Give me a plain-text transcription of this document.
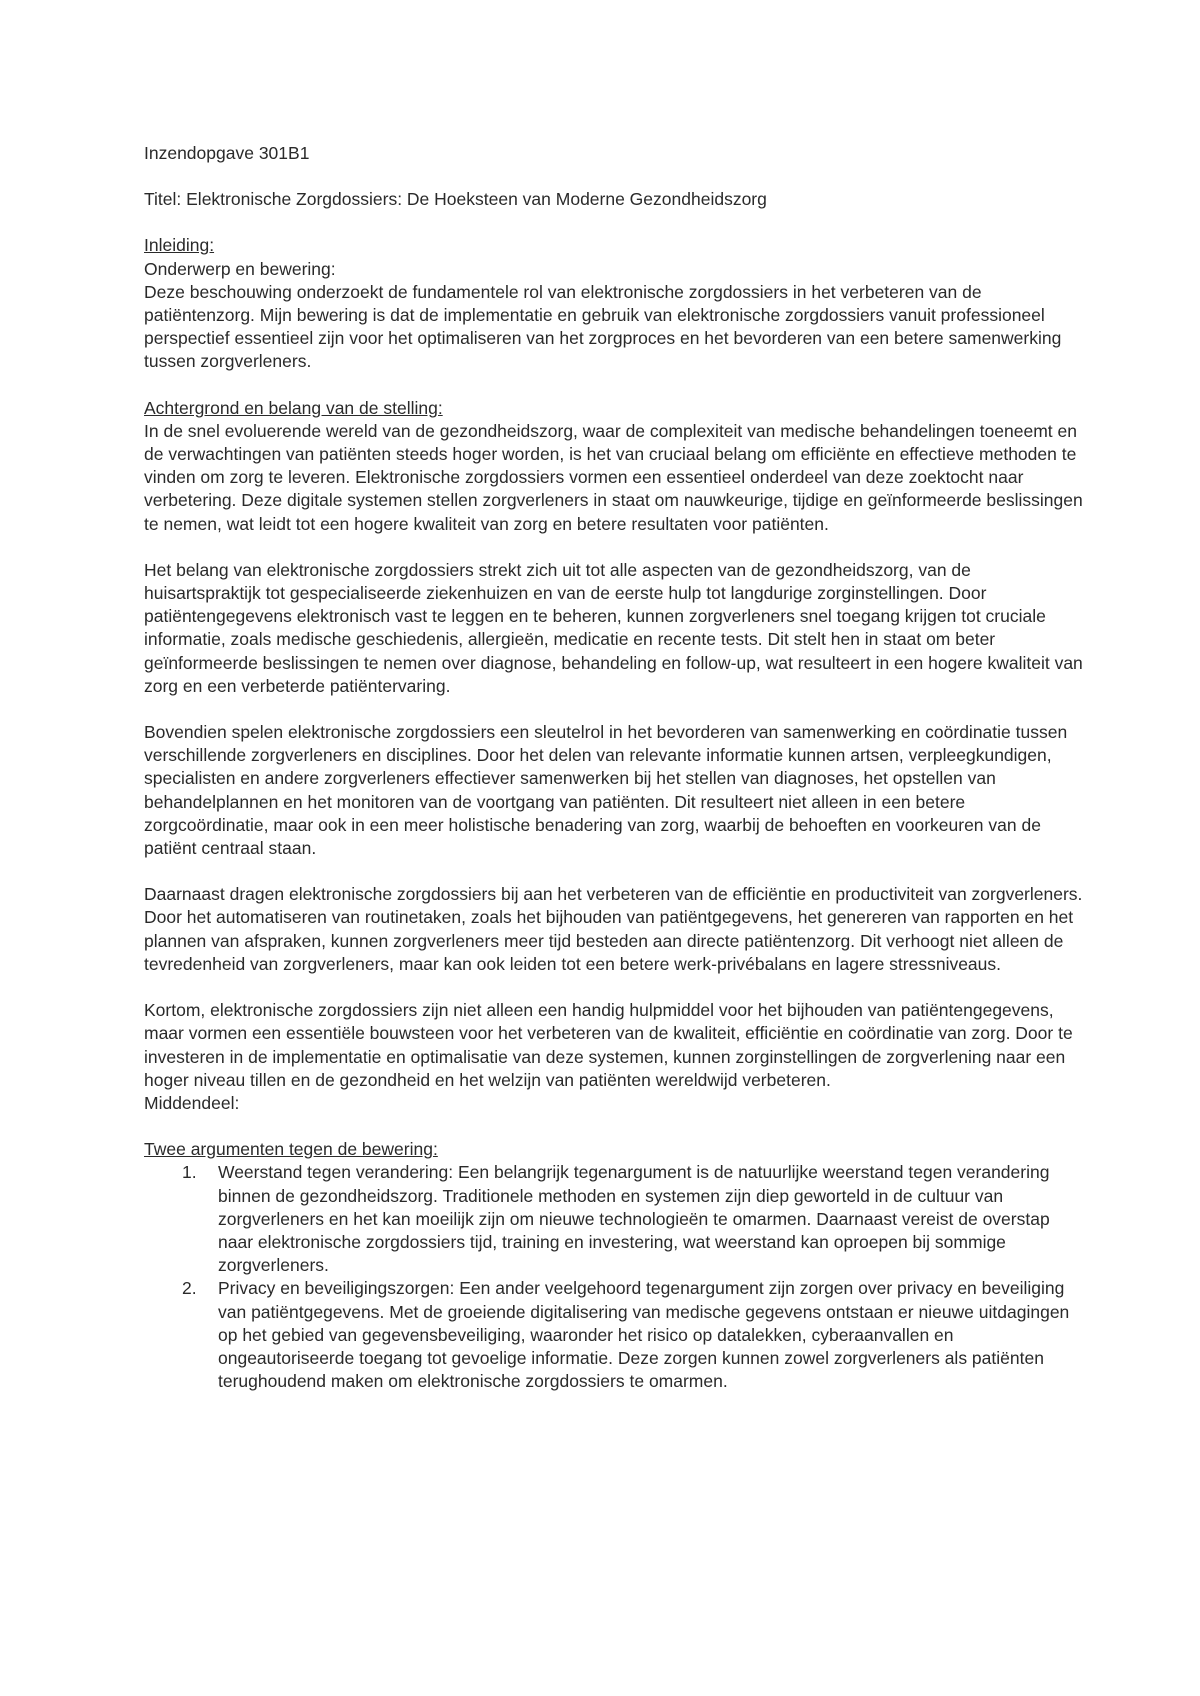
Inzendopgave 301B1

Titel: Elektronische Zorgdossiers: De Hoeksteen van Moderne Gezondheidszorg

Inleiding:

Onderwerp en bewering:

Deze beschouwing onderzoekt de fundamentele rol van elektronische zorgdossiers in het verbeteren van de patiëntenzorg. Mijn bewering is dat de implementatie en gebruik van elektronische zorgdossiers vanuit professioneel perspectief essentieel zijn voor het optimaliseren van het zorgproces en het bevorderen van een betere samenwerking tussen zorgverleners.

Achtergrond en belang van de stelling:

In de snel evoluerende wereld van de gezondheidszorg, waar de complexiteit van medische behandelingen toeneemt en de verwachtingen van patiënten steeds hoger worden, is het van cruciaal belang om efficiënte en effectieve methoden te vinden om zorg te leveren. Elektronische zorgdossiers vormen een essentieel onderdeel van deze zoektocht naar verbetering. Deze digitale systemen stellen zorgverleners in staat om nauwkeurige, tijdige en geïnformeerde beslissingen te nemen, wat leidt tot een hogere kwaliteit van zorg en betere resultaten voor patiënten.

Het belang van elektronische zorgdossiers strekt zich uit tot alle aspecten van de gezondheidszorg, van de huisartspraktijk tot gespecialiseerde ziekenhuizen en van de eerste hulp tot langdurige zorginstellingen. Door patiëntengegevens elektronisch vast te leggen en te beheren, kunnen zorgverleners snel toegang krijgen tot cruciale informatie, zoals medische geschiedenis, allergieën, medicatie en recente tests. Dit stelt hen in staat om beter geïnformeerde beslissingen te nemen over diagnose, behandeling en follow-up, wat resulteert in een hogere kwaliteit van zorg en een verbeterde patiëntervaring.

Bovendien spelen elektronische zorgdossiers een sleutelrol in het bevorderen van samenwerking en coördinatie tussen verschillende zorgverleners en disciplines. Door het delen van relevante informatie kunnen artsen, verpleegkundigen, specialisten en andere zorgverleners effectiever samenwerken bij het stellen van diagnoses, het opstellen van behandelplannen en het monitoren van de voortgang van patiënten. Dit resulteert niet alleen in een betere zorgcoördinatie, maar ook in een meer holistische benadering van zorg, waarbij de behoeften en voorkeuren van de patiënt centraal staan.

Daarnaast dragen elektronische zorgdossiers bij aan het verbeteren van de efficiëntie en productiviteit van zorgverleners. Door het automatiseren van routinetaken, zoals het bijhouden van patiëntgegevens, het genereren van rapporten en het plannen van afspraken, kunnen zorgverleners meer tijd besteden aan directe patiëntenzorg. Dit verhoogt niet alleen de tevredenheid van zorgverleners, maar kan ook leiden tot een betere werk-privébalans en lagere stressniveaus.

Kortom, elektronische zorgdossiers zijn niet alleen een handig hulpmiddel voor het bijhouden van patiëntengegevens, maar vormen een essentiële bouwsteen voor het verbeteren van de kwaliteit, efficiëntie en coördinatie van zorg. Door te investeren in de implementatie en optimalisatie van deze systemen, kunnen zorginstellingen de zorgverlening naar een hoger niveau tillen en de gezondheid en het welzijn van patiënten wereldwijd verbeteren.

Middendeel:

Twee argumenten tegen de bewering:

1. Weerstand tegen verandering: Een belangrijk tegenargument is de natuurlijke weerstand tegen verandering binnen de gezondheidszorg. Traditionele methoden en systemen zijn diep geworteld in de cultuur van zorgverleners en het kan moeilijk zijn om nieuwe technologieën te omarmen. Daarnaast vereist de overstap naar elektronische zorgdossiers tijd, training en investering, wat weerstand kan oproepen bij sommige zorgverleners.
2. Privacy en beveiligingszorgen: Een ander veelgehoord tegenargument zijn zorgen over privacy en beveiliging van patiëntgegevens. Met de groeiende digitalisering van medische gegevens ontstaan er nieuwe uitdagingen op het gebied van gegevensbeveiliging, waaronder het risico op datalekken, cyberaanvallen en ongeautoriseerde toegang tot gevoelige informatie. Deze zorgen kunnen zowel zorgverleners als patiënten terughoudend maken om elektronische zorgdossiers te omarmen.
